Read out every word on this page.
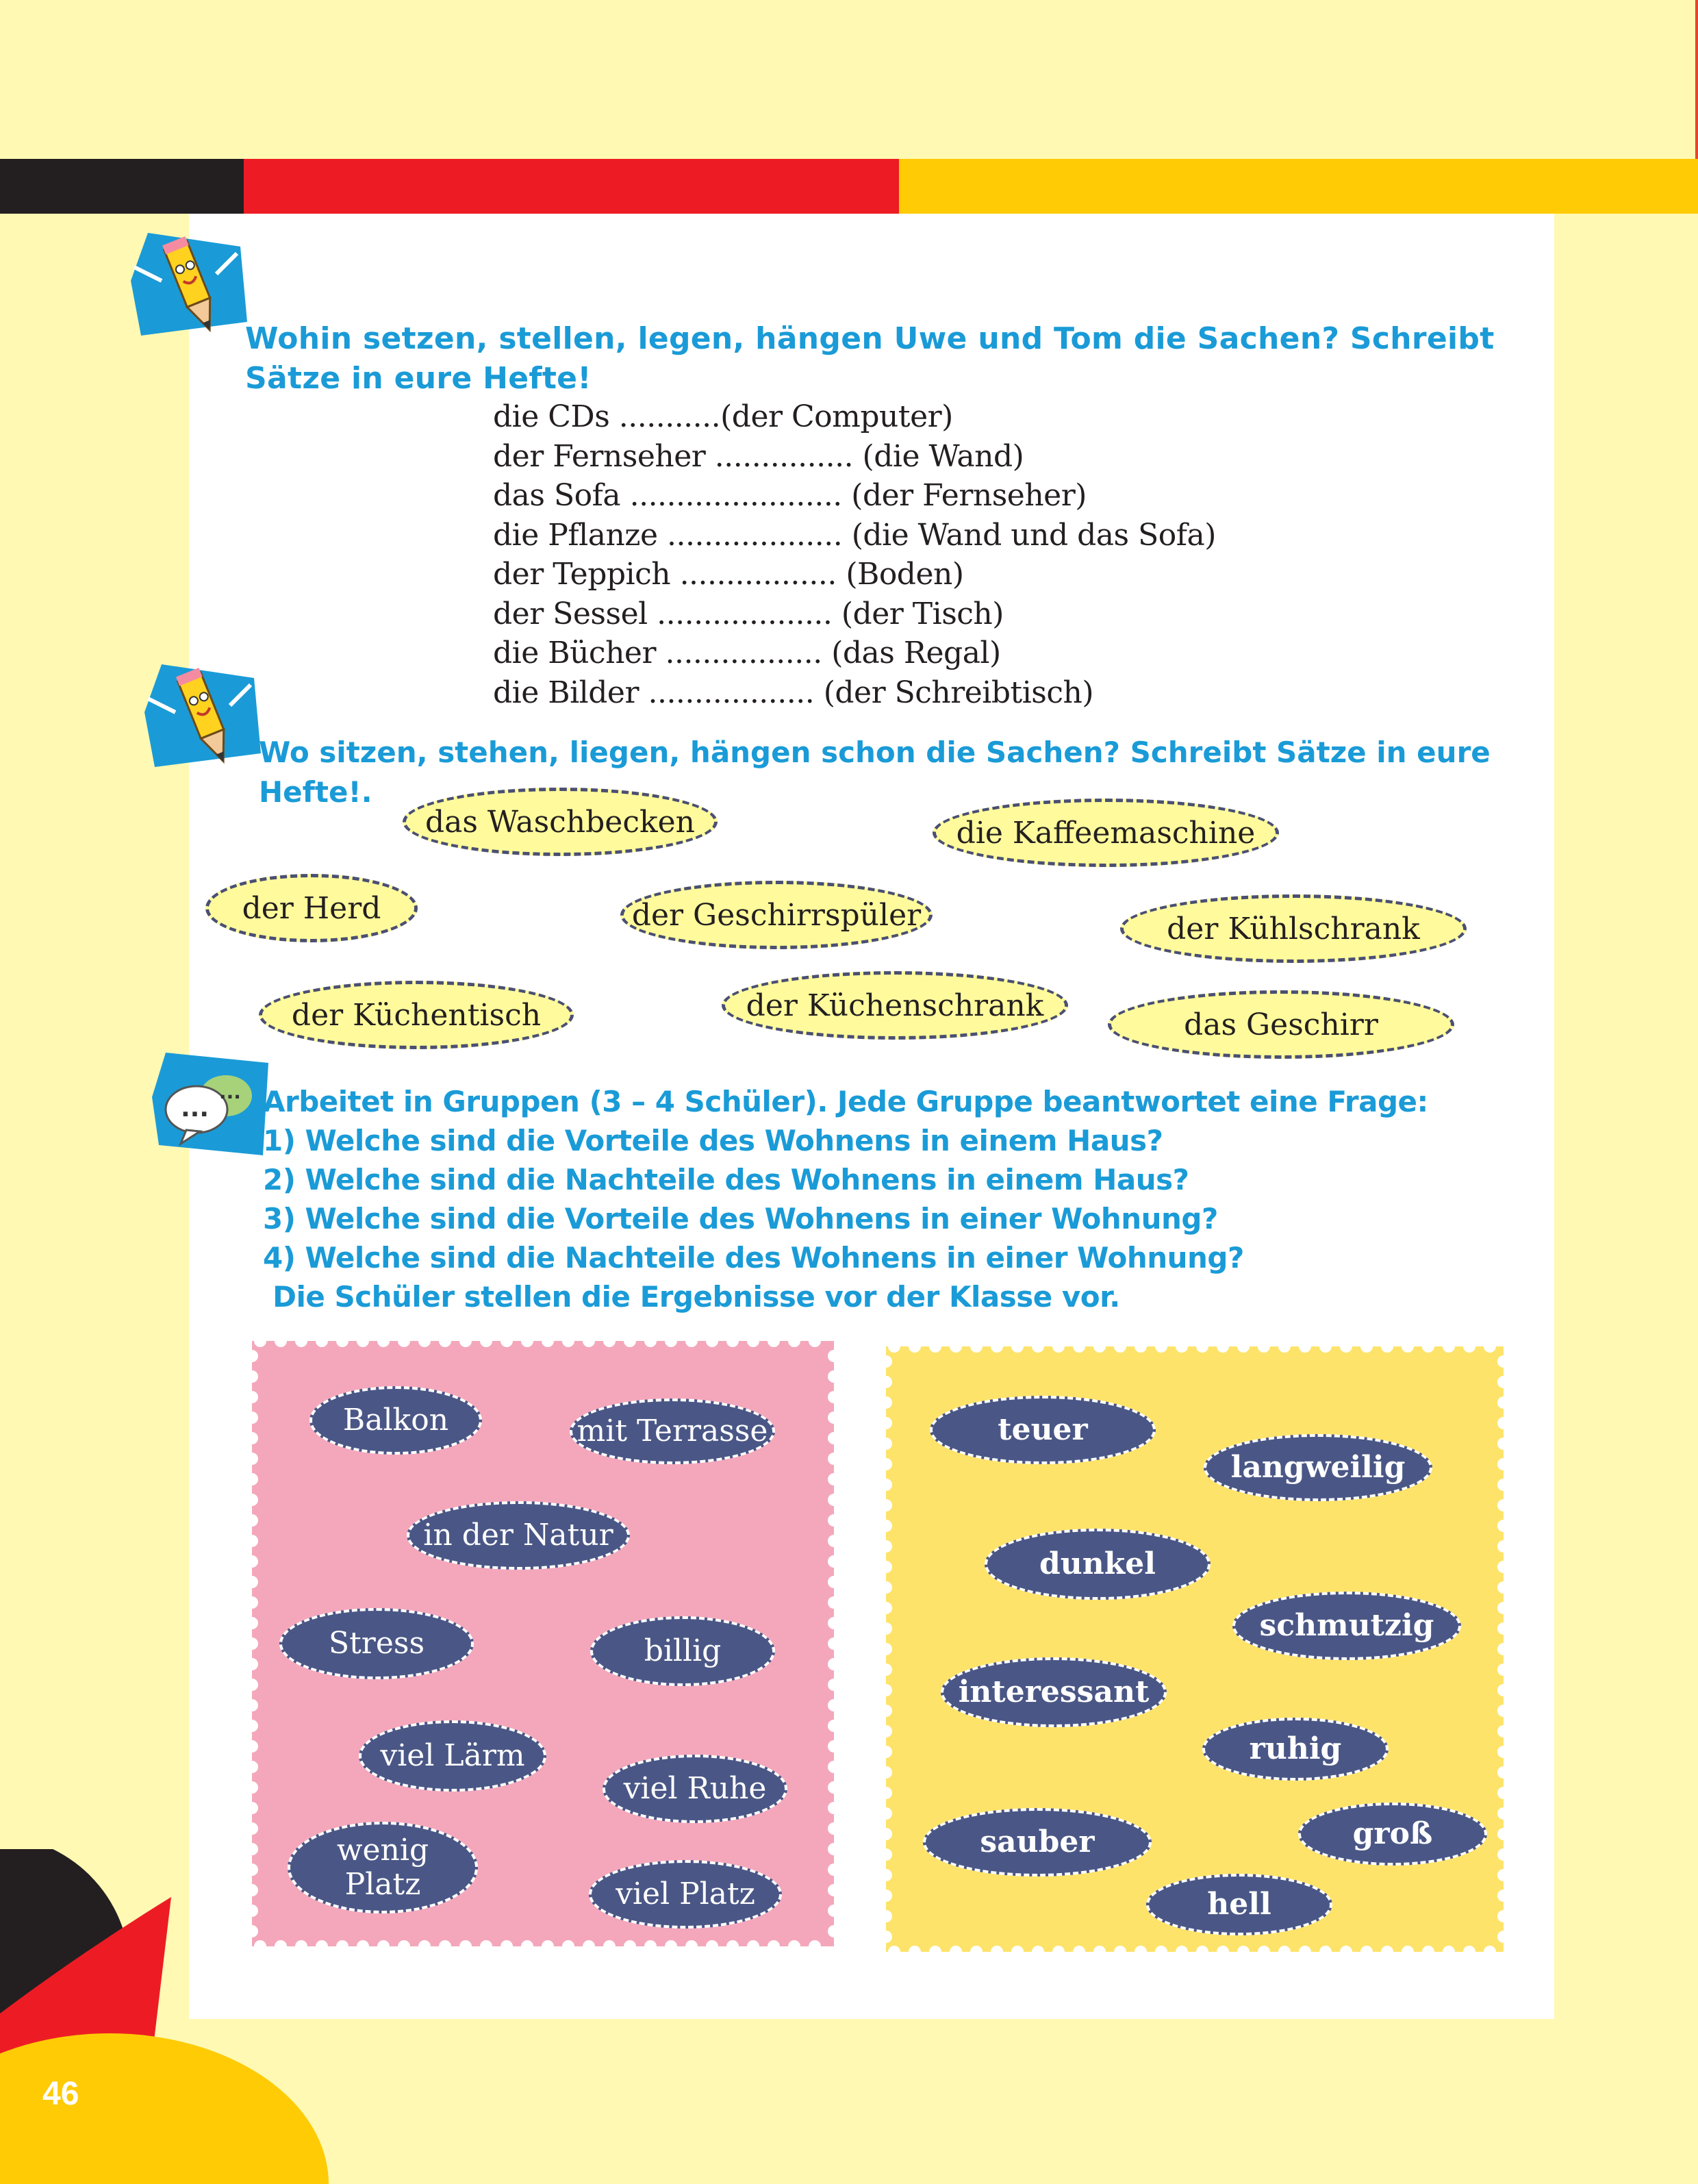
46

Wohin setzen, stellen, legen, hängen Uwe und Tom die Sachen? Schreibt Sätze in eure Hefte!

die CDs ...........(der Computer)
der Fernseher ............... (die Wand)
das Sofa ....................... (der Fernseher)
die Pflanze ................... (die Wand und das Sofa)
der Teppich ................. (Boden)
der Sessel ................... (der Tisch)
die Bücher ................. (das Regal)
die Bilder .................. (der Schreibtisch)

Wo sitzen, stehen, liegen, hängen schon die Sachen? Schreibt Sätze in eure Hefte!.

das Waschbecken	die Kaffeemaschine
der Herd	der Geschirrspüler	der Kühlschrank
der Küchentisch	der Küchenschrank
das Geschirr
...
... Arbeitet in Gruppen (3 – 4 Schüler). Jede Gruppe beantwortet eine Frage:
1) Welche sind die Vorteile des Wohnens in einem Haus?
2) Welche sind die Nachteile des Wohnens in einem Haus?
3) Welche sind die Vorteile des Wohnens in einer Wohnung?
4) Welche sind die Nachteile des Wohnens in einer Wohnung?
Die Schüler stellen die Ergebnisse vor der Klasse vor.
Balkon	mit Terrasse
in der Natur
Stress	billig
viel Lärm
viel Ruhe
wenig
Platz	viel Platz
teuer
langweilig
dunkel
schmutzig
interessant
ruhig
sauber	groß
hell
